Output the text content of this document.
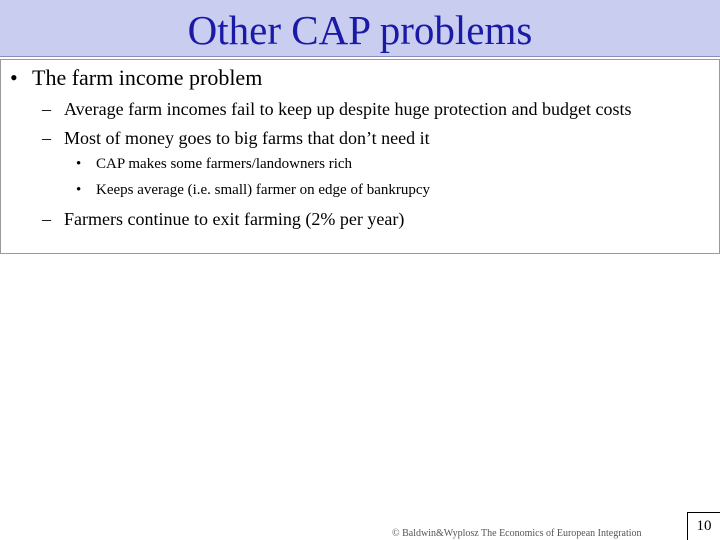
Other CAP problems
• The farm income problem
– Average farm incomes fail to keep up despite huge protection and budget costs
– Most of money goes to big farms that don’t need it
• CAP makes some farmers/landowners rich
• Keeps average (i.e. small) farmer on edge of bankrupcy
– Farmers continue to exit farming (2% per year)
© Baldwin&Wyplosz The Economics of European Integration	10
